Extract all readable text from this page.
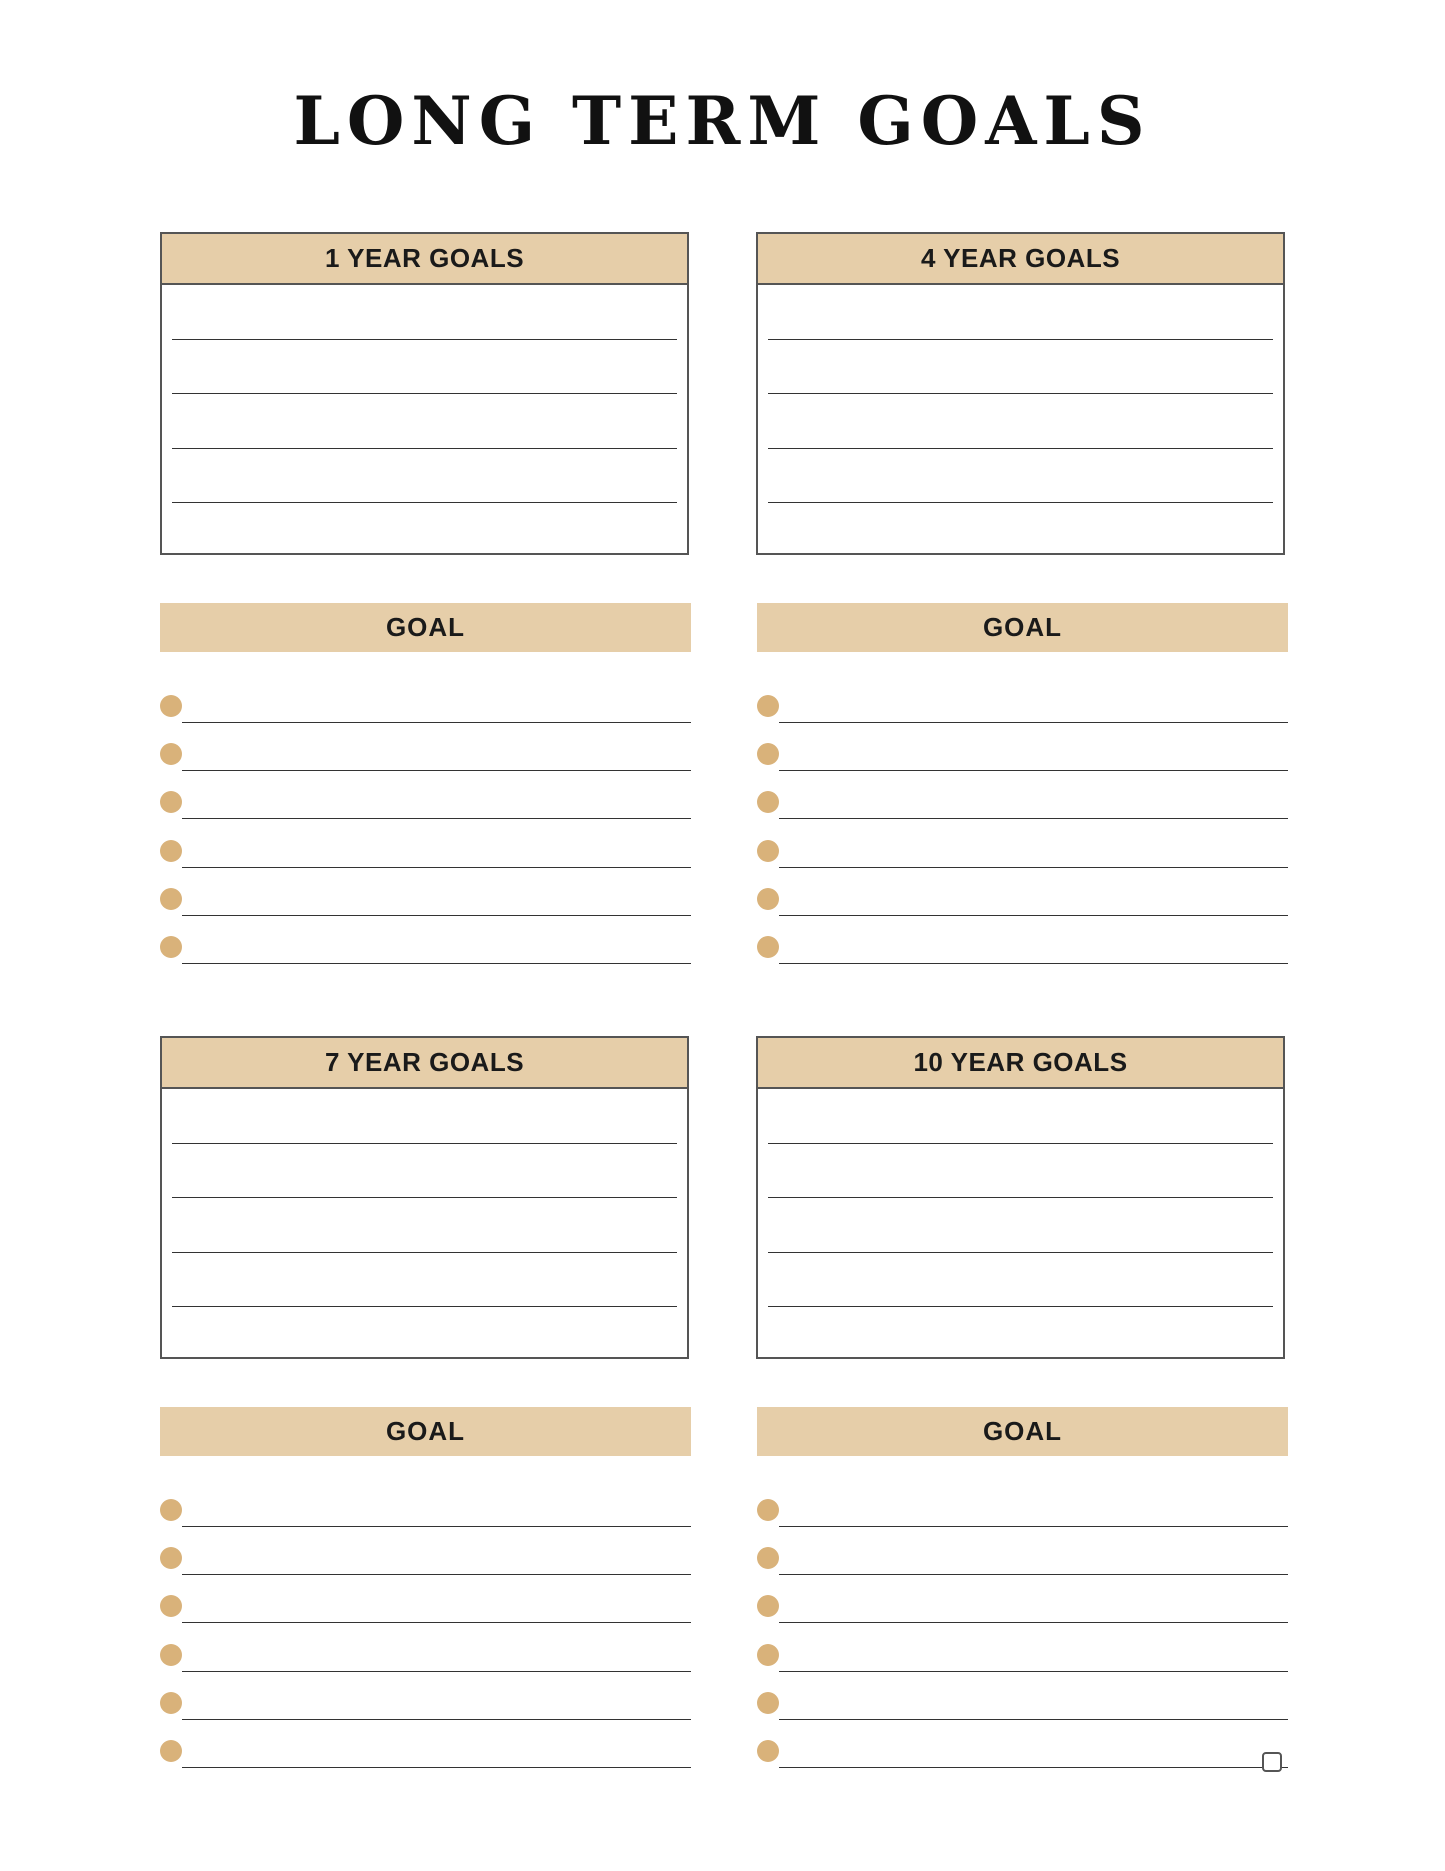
LONG TERM GOALS
1 YEAR GOALS
GOAL
4 YEAR GOALS
GOAL
7 YEAR GOALS
GOAL
10 YEAR GOALS
GOAL
